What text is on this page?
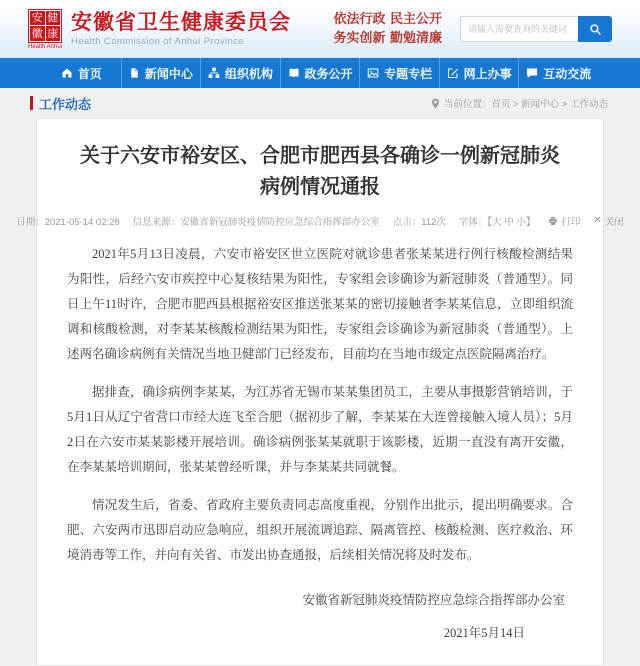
安 健
徽 康
Health Anhui
安徽省卫生健康委员会
Health Commission of Anhui Province
依法行政 民主公开
务实创新 勤勉清廉
请输入需要查询的关键词
首页	新闻中心	组织机构	政务公开	专题专栏	网上办事	互动交流
工作动态	当前位置：首页 > 新闻中心 > 工作动态
关于六安市裕安区、合肥市肥西县各确诊一例新冠肺炎病例情况通报
日期：2021-05-14 02:28 信息来源：安徽省新冠肺炎疫情防控应急综合指挥部办公室 点击：112次 字体：【大 中 小】	打印 ✕ 关闭

2021年5月13日凌晨，六安市裕安区世立医院对就诊患者张某某进行例行核酸检测结果为阳性，后经六安市疾控中心复核结果为阳性，专家组会诊确诊为新冠肺炎（普通型）。同日上午11时许，合肥市肥西县根据裕安区推送张某某的密切接触者李某某信息，立即组织流调和核酸检测，对李某某核酸检测结果为阳性，专家组会诊确诊为新冠肺炎（普通型）。上述两名确诊病例有关情况当地卫健部门已经发布，目前均在当地市级定点医院隔离治疗。

据排查，确诊病例李某某，为江苏省无锡市某某集团员工，主要从事摄影营销培训，于5月1日从辽宁省营口市经大连飞至合肥（据初步了解，李某某在大连曾接触入境人员）；5月2日在六安市某某影楼开展培训。确诊病例张某某就职于该影楼，近期一直没有离开安徽，在李某某培训期间，张某某曾经听课，并与李某某共同就餐。

情况发生后，省委、省政府主要负责同志高度重视，分别作出批示，提出明确要求。合肥、六安两市迅即启动应急响应，组织开展流调追踪、隔离管控、核酸检测、医疗救治、环境消毒等工作，并向有关省、市发出协查通报，后续相关情况将及时发布。

安徽省新冠肺炎疫情防控应急综合指挥部办公室
2021年5月14日
